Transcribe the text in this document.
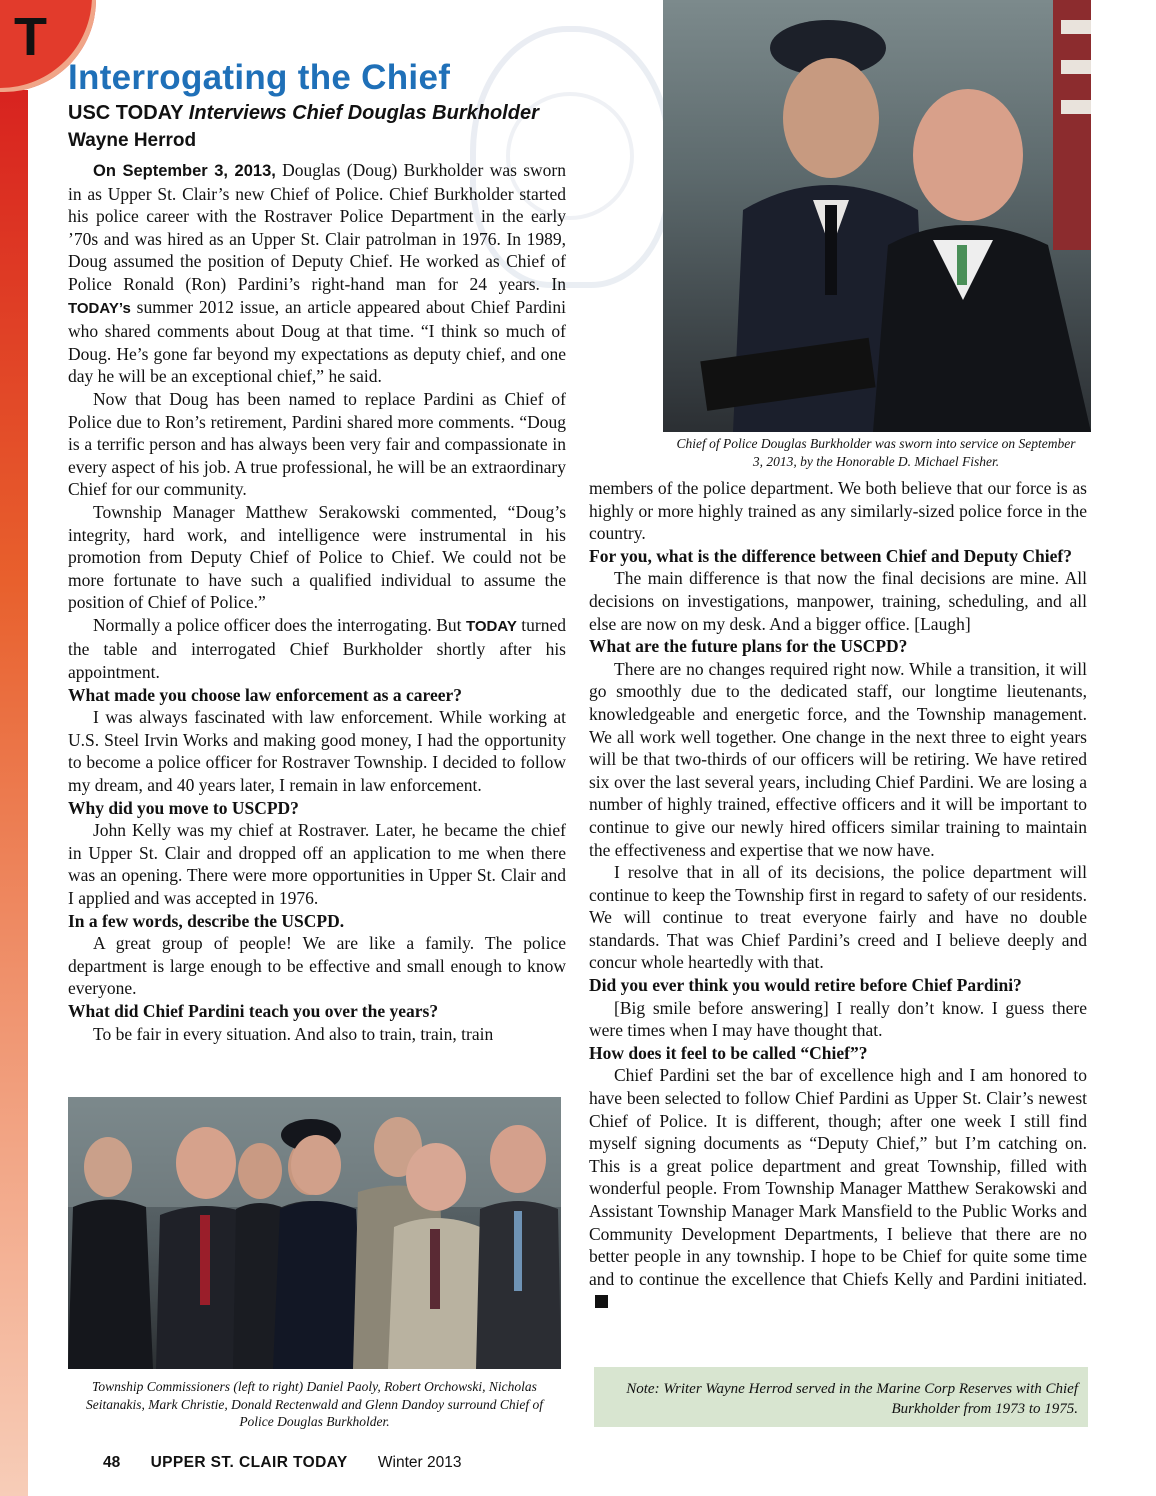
T
Interrogating the Chief
USC TODAY Interviews Chief Douglas Burkholder
Wayne Herrod

On September 3, 2013, Douglas (Doug) Burkholder was sworn in as Upper St. Clair’s new Chief of Police. Chief Burkholder started his police career with the Rostraver Police Department in the early ’70s and was hired as an Upper St. Clair patrolman in 1976. In 1989, Doug assumed the position of Deputy Chief. He worked as Chief of Police Ronald (Ron) Pardini’s right-hand man for 24 years. In TODAY’s summer 2012 issue, an article appeared about Chief Pardini who shared comments about Doug at that time. “I think so much of Doug. He’s gone far beyond my expectations as deputy chief, and one day he will be an exceptional chief,” he said.

Now that Doug has been named to replace Pardini as Chief of Police due to Ron’s retirement, Pardini shared more comments. “Doug is a terrific person and has always been very fair and compassionate in every aspect of his job. A true professional, he will be an extraordinary Chief for our community.

Township Manager Matthew Serakowski commented, “Doug’s integrity, hard work, and intelligence were instrumental in his promotion from Deputy Chief of Police to Chief. We could not be more fortunate to have such a qualified individual to assume the position of Chief of Police.”

Normally a police officer does the interrogating. But TODAY turned the table and interrogated Chief Burkholder shortly after his appointment.

What made you choose law enforcement as a career?

I was always fascinated with law enforcement. While working at U.S. Steel Irvin Works and making good money, I had the opportunity to become a police officer for Rostraver Township. I decided to follow my dream, and 40 years later, I remain in law enforcement.

Why did you move to USCPD?

John Kelly was my chief at Rostraver. Later, he became the chief in Upper St. Clair and dropped off an application to me when there was an opening. There were more opportunities in Upper St. Clair and I applied and was accepted in 1976.

In a few words, describe the USCPD.

A great group of people! We are like a family. The police department is large enough to be effective and small enough to know everyone.

What did Chief Pardini teach you over the years?

To be fair in every situation. And also to train, train, train

Chief of Police Douglas Burkholder was sworn into service on September 3, 2013, by the Honorable D. Michael Fisher.

members of the police department. We both believe that our force is as highly or more highly trained as any similarly-sized police force in the country.

For you, what is the difference between Chief and Deputy Chief?

The main difference is that now the final decisions are mine. All decisions on investigations, manpower, training, scheduling, and all else are now on my desk. And a bigger office. [Laugh]

What are the future plans for the USCPD?

There are no changes required right now. While a transition, it will go smoothly due to the dedicated staff, our longtime lieutenants, knowledgeable and energetic force, and the Township management. We all work well together. One change in the next three to eight years will be that two-thirds of our officers will be retiring. We have retired six over the last several years, including Chief Pardini. We are losing a number of highly trained, effective officers and it will be important to continue to give our newly hired officers similar training to maintain the effectiveness and expertise that we now have.

I resolve that in all of its decisions, the police department will continue to keep the Township first in regard to safety of our residents. We will continue to treat everyone fairly and have no double standards. That was Chief Pardini’s creed and I believe deeply and concur whole heartedly with that.

Did you ever think you would retire before Chief Pardini?

[Big smile before answering] I really don’t know. I guess there were times when I may have thought that.

How does it feel to be called “Chief”?

Chief Pardini set the bar of excellence high and I am honored to have been selected to follow Chief Pardini as Upper St. Clair’s newest Chief of Police. It is different, though; after one week I still find myself signing documents as “Deputy Chief,” but I’m catching on. This is a great police department and great Township, filled with wonderful people. From Township Manager Matthew Serakowski and Assistant Township Manager Mark Mansfield to the Public Works and Community Development Departments, I believe that there are no better people in any township. I hope to be Chief for quite some time and to continue the excellence that Chiefs Kelly and Pardini initiated.

Township Commissioners (left to right) Daniel Paoly, Robert Orchowski, Nicholas Seitanakis, Mark Christie, Donald Rectenwald and Glenn Dandoy surround Chief of Police Douglas Burkholder.
Note: Writer Wayne Herrod served in the Marine Corp Reserves with Chief Burkholder from 1973 to 1975.
48 UPPER ST. CLAIR TODAY Winter 2013
